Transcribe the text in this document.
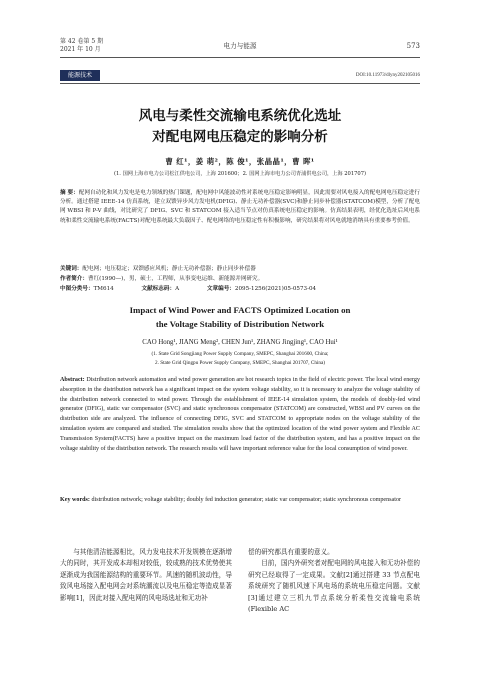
第 42 卷第 5 期
2021 年 10 月	电力与能源	573
能源技术	DOI:10.11973/dlyny202105016
风电与柔性交流输电系统优化选址
对配电网电压稳定的影响分析
曹 红¹，姜 萌²，陈 俊¹，张晶晶¹，曹 晖¹
(1. 国网上海市电力公司松江供电公司，上海 201600；2. 国网上海市电力公司青浦供电公司，上海 201707)
摘 要：配网自动化和风力发电是电力领域的热门课题，配电网中风能波动性对系统电压稳定影响明显，因此需要对风电接入的配电网电压稳定进行分析。通过搭建 IEEE-14 仿真系统，建立双馈异步风力发电机(DFIG)、静止无功补偿器(SVC)和静止同步补偿器(STATCOM)模型，分析了配电网 WBSI 和 P-V 曲线，对比研究了 DFIG、SVC 和 STATCOM 接入适当节点对仿真系统电压稳定的影响。仿真结果表明，经优化选址后风电系统和柔性交流输电系统(FACTS)对配电系统最大负载因子、配电网络的电压稳定性有积极影响，研究结果将对风电就地消纳具有重要参考价值。
关键词：配电网；电压稳定；双馈感应风机；静止无功补偿器；静止同步补偿器
作者简介：曹红(1990—)，男，硕士，工程师，从事变电运维、新能源并网研究。
中图分类号：TM614	文献标志码：A	文章编号：2095-1256(2021)05-0573-04
Impact of Wind Power and FACTS Optimized Location on
the Voltage Stability of Distribution Network
CAO Hong¹, JIANG Meng², CHEN Jun¹, ZHANG Jingjing¹, CAO Hui¹
(1. State Grid Songjiang Power Supply Company, SMEPC, Shanghai 201600, China;
2. State Grid Qingpu Power Supply Company, SMEPC, Shanghai 201707, China)
Abstract: Distribution network automation and wind power generation are hot research topics in the field of electric power. The local wind energy absorption in the distribution network has a significant impact on the system voltage stability, so it is necessary to analyze the voltage stability of the distribution network connected to wind power. Through the establishment of IEEE-14 simulation system, the models of doubly-fed wind generator (DFIG), static var compensator (SVC) and static synchronous compensator (STATCOM) are constructed, WBSI and PV curves on the distribution side are analyzed. The influence of connecting DFIG, SVC and STATCOM to appropriate nodes on the voltage stability of the simulation system are compared and studied. The simulation results show that the optimized location of the wind power system and Flexible AC Transmission System(FACTS) have a positive impact on the maximum load factor of the distribution system, and has a positive impact on the voltage stability of the distribution network. The research results will have important reference value for the local consumption of wind power.
Key words: distribution network; voltage stability; doubly fed induction generator; static var compensator; static synchronous compensator

与其他清洁能源相比，风力发电技术开发规模在逐渐增大的同时，其开发成本却相对较低，较成熟的技术优势使其逐渐成为我国能源结构的重要环节。风速的随机波动性，导致风电场接入配电网会对系统潮流以及电压稳定等造成显著影响[1]，因此对接入配电网的风电场选址和无功补

偿的研究都具有重要的意义。

目前，国内外研究者对配电网的风电接入和无功补偿的研究已经取得了一定成果。文献[2]通过搭建 33 节点配电系统研究了随机风速下风电场的系统电压稳定问题。文献[3]通过建立三机九节点系统分析柔性交流输电系统(Flexible AC
